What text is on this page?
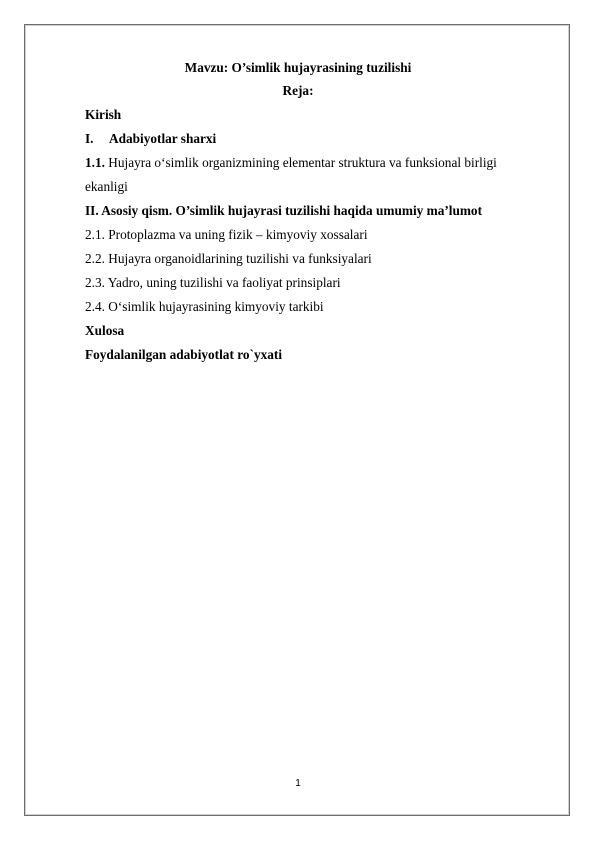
Mavzu: O’simlik hujayrasining tuzilishi
Reja:
Kirish
I. Adabiyotlar sharxi
1.1. Hujayra o‘simlik organizmining elementar struktura va funksional birligi
ekanligi
II. Asosiy qism. O’simlik hujayrasi tuzilishi haqida umumiy ma’lumot
2.1. Protoplazma va uning fizik – kimyoviy xossalari
2.2. Hujayra organoidlarining tuzilishi va funksiyalari
2.3. Yadro, uning tuzilishi va faoliyat prinsiplari
2.4. O‘simlik hujayrasining kimyoviy tarkibi
Xulosa
Foydalanilgan adabiyotlat ro`yxati
1
